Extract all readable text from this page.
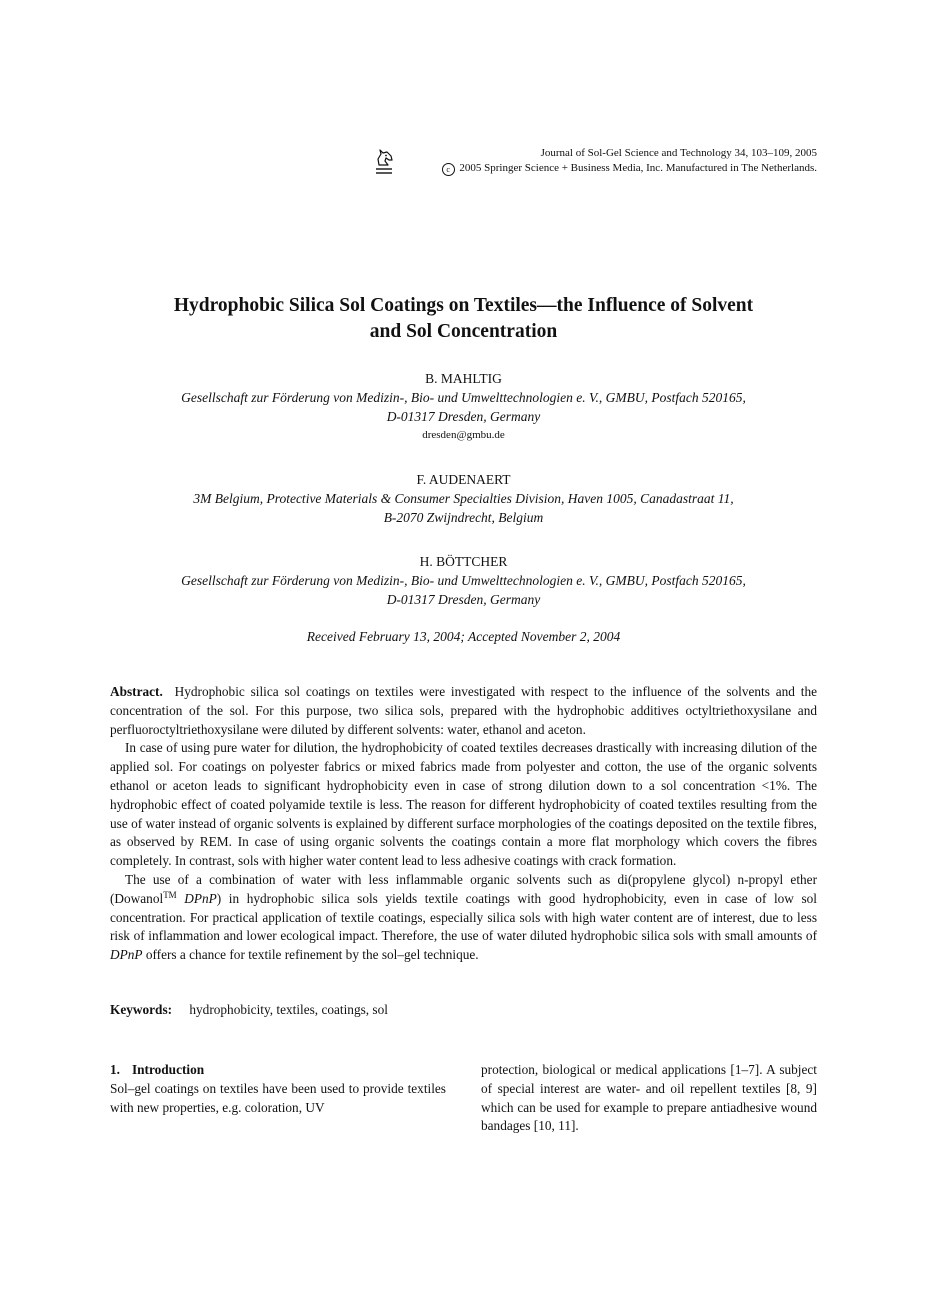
Journal of Sol-Gel Science and Technology 34, 103–109, 2005
c 2005 Springer Science + Business Media, Inc. Manufactured in The Netherlands.
Hydrophobic Silica Sol Coatings on Textiles—the Influence of Solvent
and Sol Concentration
B. MAHLTIG
Gesellschaft zur Förderung von Medizin-, Bio- und Umwelttechnologien e. V., GMBU, Postfach 520165,
D-01317 Dresden, Germany
dresden@gmbu.de
F. AUDENAERT
3M Belgium, Protective Materials & Consumer Specialties Division, Haven 1005, Canadastraat 11,
B-2070 Zwijndrecht, Belgium
H. BÖTTCHER
Gesellschaft zur Förderung von Medizin-, Bio- und Umwelttechnologien e. V., GMBU, Postfach 520165,
D-01317 Dresden, Germany
Received February 13, 2004; Accepted November 2, 2004

Abstract. Hydrophobic silica sol coatings on textiles were investigated with respect to the influence of the solvents and the concentration of the sol. For this purpose, two silica sols, prepared with the hydrophobic additives octyltriethoxysilane and perfluoroctyltriethoxysilane were diluted by different solvents: water, ethanol and aceton.

In case of using pure water for dilution, the hydrophobicity of coated textiles decreases drastically with increasing dilution of the applied sol. For coatings on polyester fabrics or mixed fabrics made from polyester and cotton, the use of the organic solvents ethanol or aceton leads to significant hydrophobicity even in case of strong dilution down to a sol concentration <1%. The hydrophobic effect of coated polyamide textile is less. The reason for different hydrophobicity of coated textiles resulting from the use of water instead of organic solvents is explained by different surface morphologies of the coatings deposited on the textile fibres, as observed by REM. In case of using organic solvents the coatings contain a more flat morphology which covers the fibres completely. In contrast, sols with higher water content lead to less adhesive coatings with crack formation.

The use of a combination of water with less inflammable organic solvents such as di(propylene glycol) n-propyl ether (Dowanol™ DPnP) in hydrophobic silica sols yields textile coatings with good hydrophobicity, even in case of low sol concentration. For practical application of textile coatings, especially silica sols with high water content are of interest, due to less risk of inflammation and lower ecological impact. Therefore, the use of water diluted hydrophobic silica sols with small amounts of DPnP offers a chance for textile refinement by the sol–gel technique.

Keywords: hydrophobicity, textiles, coatings, sol

1. Introduction

Sol–gel coatings on textiles have been used to provide textiles with new properties, e.g. coloration, UV

protection, biological or medical applications [1–7]. A subject of special interest are water- and oil repellent textiles [8, 9] which can be used for example to prepare antiadhesive wound bandages [10, 11].
